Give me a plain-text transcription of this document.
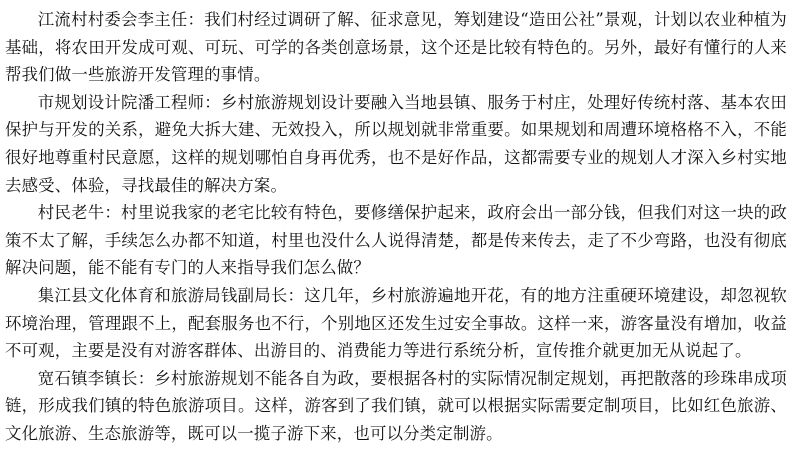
江流村村委会李主任：我们村经过调研了解、征求意见，筹划建设“造田公社”景观，计划以农业种植为基础，将农田开发成可观、可玩、可学的各类创意场景，这个还是比较有特色的。另外，最好有懂行的人来帮我们做一些旅游开发管理的事情。

市规划设计院潘工程师：乡村旅游规划设计要融入当地县镇、服务于村庄，处理好传统村落、基本农田保护与开发的关系，避免大拆大建、无效投入，所以规划就非常重要。如果规划和周遭环境格格不入，不能很好地尊重村民意愿，这样的规划哪怕自身再优秀，也不是好作品，这都需要专业的规划人才深入乡村实地去感受、体验，寻找最佳的解决方案。

村民老牛：村里说我家的老宅比较有特色，要修缮保护起来，政府会出一部分钱，但我们对这一块的政策不太了解，手续怎么办都不知道，村里也没什么人说得清楚，都是传来传去，走了不少弯路，也没有彻底解决问题，能不能有专门的人来指导我们怎么做？

集江县文化体育和旅游局钱副局长：这几年，乡村旅游遍地开花，有的地方注重硬环境建设，却忽视软环境治理，管理跟不上，配套服务也不行，个别地区还发生过安全事故。这样一来，游客量没有增加，收益不可观，主要是没有对游客群体、出游目的、消费能力等进行系统分析，宣传推介就更加无从说起了。

宽石镇李镇长：乡村旅游规划不能各自为政，要根据各村的实际情况制定规划，再把散落的珍珠串成项链，形成我们镇的特色旅游项目。这样，游客到了我们镇，就可以根据实际需要定制项目，比如红色旅游、文化旅游、生态旅游等，既可以一揽子游下来，也可以分类定制游。
